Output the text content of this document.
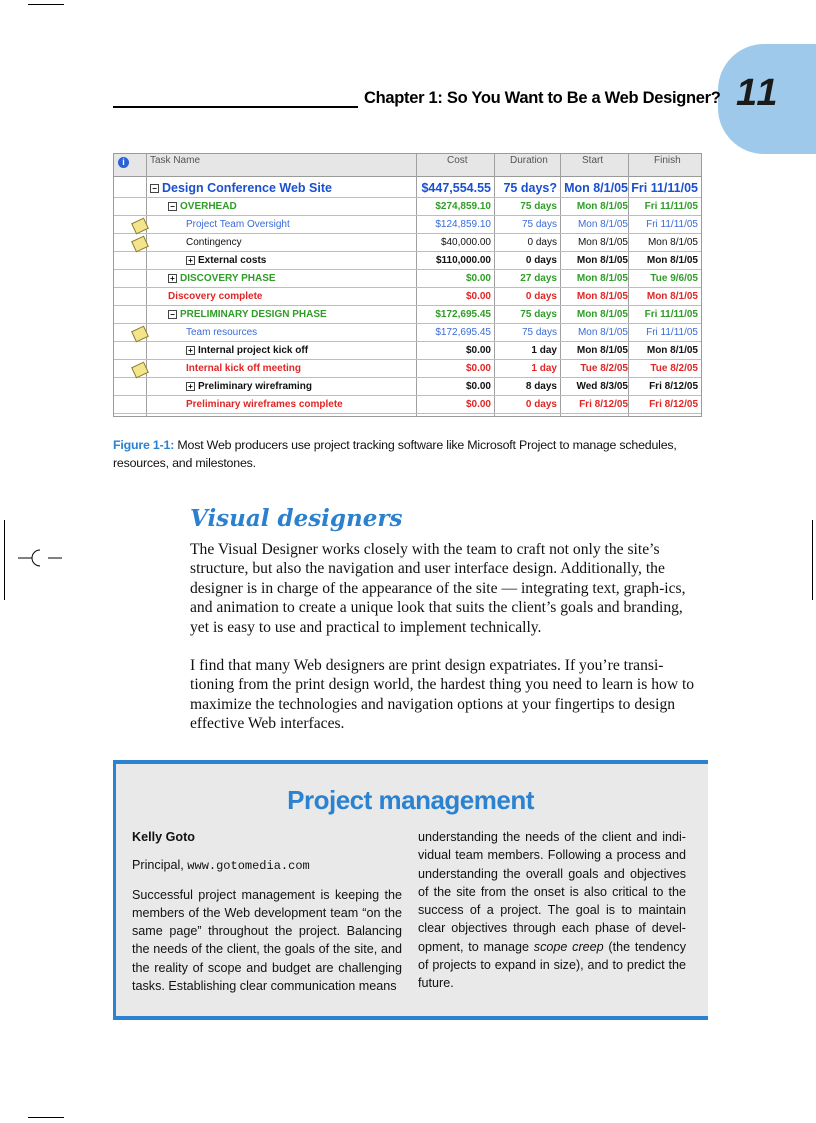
11
Chapter 1: So You Want to Be a Web Designer?
i	Task Name	Cost	Duration	Start	Finish
− Design Conference Web Site	$447,554.55 75 days? Mon 8/1/05 Fri 11/11/05
− OVERHEAD	$274,859.10	75 days	Mon 8/1/05	Fri 11/11/05
Project Team Oversight	$124,859.10	75 days	Mon 8/1/05	Fri 11/11/05
Contingency	$40,000.00	0 days	Mon 8/1/05	Mon 8/1/05
+ External costs	$110,000.00	0 days	Mon 8/1/05	Mon 8/1/05
+ DISCOVERY PHASE	$0.00	27 days	Mon 8/1/05	Tue 9/6/05
Discovery complete	$0.00	0 days	Mon 8/1/05	Mon 8/1/05
− PRELIMINARY DESIGN PHASE	$172,695.45	75 days	Mon 8/1/05	Fri 11/11/05
Team resources	$172,695.45	75 days	Mon 8/1/05	Fri 11/11/05
+ Internal project kick off	$0.00	1 day	Mon 8/1/05	Mon 8/1/05
Internal kick off meeting	$0.00	1 day	Tue 8/2/05	Tue 8/2/05
+ Preliminary wireframing	$0.00	8 days	Wed 8/3/05	Fri 8/12/05
Preliminary wireframes complete	$0.00	0 days	Fri 8/12/05	Fri 8/12/05
Figure 1-1: Most Web producers use project tracking software like Microsoft Project to manage schedules, resources, and milestones.
Visual designers
The Visual Designer works closely with the team to craft not only the site’s structure, but also the navigation and user interface design. Additionally, the designer is in charge of the appearance of the site — integrating text, graph-ics, and animation to create a unique look that suits the client’s goals and branding, yet is easy to use and practical to implement technically.
I find that many Web designers are print design expatriates. If you’re transi-tioning from the print design world, the hardest thing you need to learn is how to maximize the technologies and navigation options at your fingertips to design effective Web interfaces.
Project management
Kelly Goto
Principal, www.gotomedia.com
Successful project management is keeping the members of the Web development team “on the same page” throughout the project. Balancing the needs of the client, the goals of the site, and the reality of scope and budget are challenging tasks. Establishing clear communication means
understanding the needs of the client and indi-vidual team members. Following a process and understanding the overall goals and objectives of the site from the onset is also critical to the success of a project. The goal is to maintain clear objectives through each phase of devel-opment, to manage scope creep (the tendency of projects to expand in size), and to predict the future.
